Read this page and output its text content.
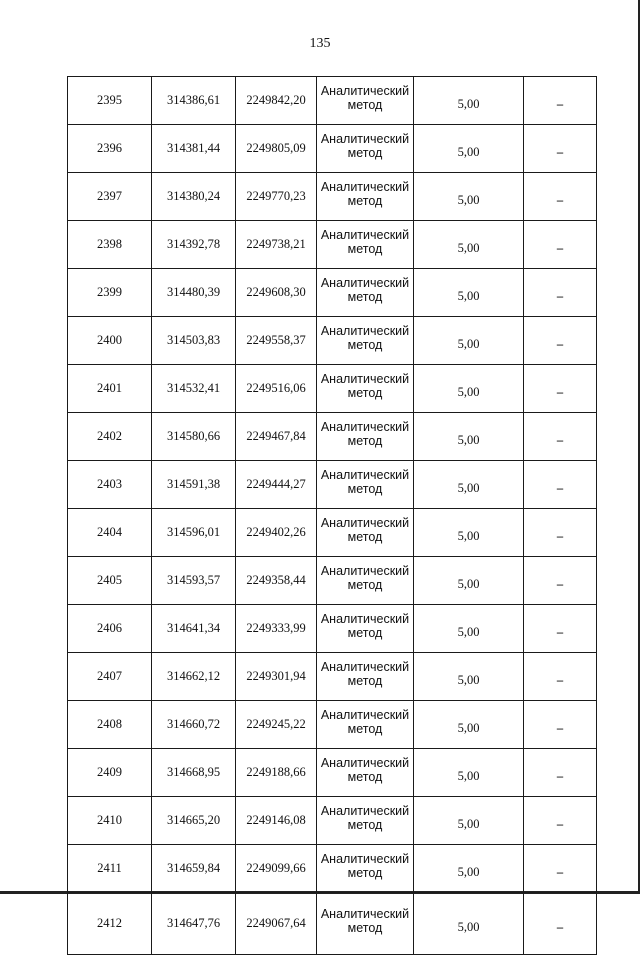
135
2395	314386,61	2249842,20	Аналитический метод	5,00	–
2396	314381,44	2249805,09	Аналитический метод	5,00	–
2397	314380,24	2249770,23	Аналитический метод	5,00	–
2398	314392,78	2249738,21	Аналитический метод	5,00	–
2399	314480,39	2249608,30	Аналитический метод	5,00	–
2400	314503,83	2249558,37	Аналитический метод	5,00	–
2401	314532,41	2249516,06	Аналитический метод	5,00	–
2402	314580,66	2249467,84	Аналитический метод	5,00	–
2403	314591,38	2249444,27	Аналитический метод	5,00	–
2404	314596,01	2249402,26	Аналитический метод	5,00	–
2405	314593,57	2249358,44	Аналитический метод	5,00	–
2406	314641,34	2249333,99	Аналитический метод	5,00	–
2407	314662,12	2249301,94	Аналитический метод	5,00	–
2408	314660,72	2249245,22	Аналитический метод	5,00	–
2409	314668,95	2249188,66	Аналитический метод	5,00	–
2410	314665,20	2249146,08	Аналитический метод	5,00	–
2411	314659,84	2249099,66	Аналитический метод	5,00	–
2412	314647,76	2249067,64	Аналитический метод	5,00	–
